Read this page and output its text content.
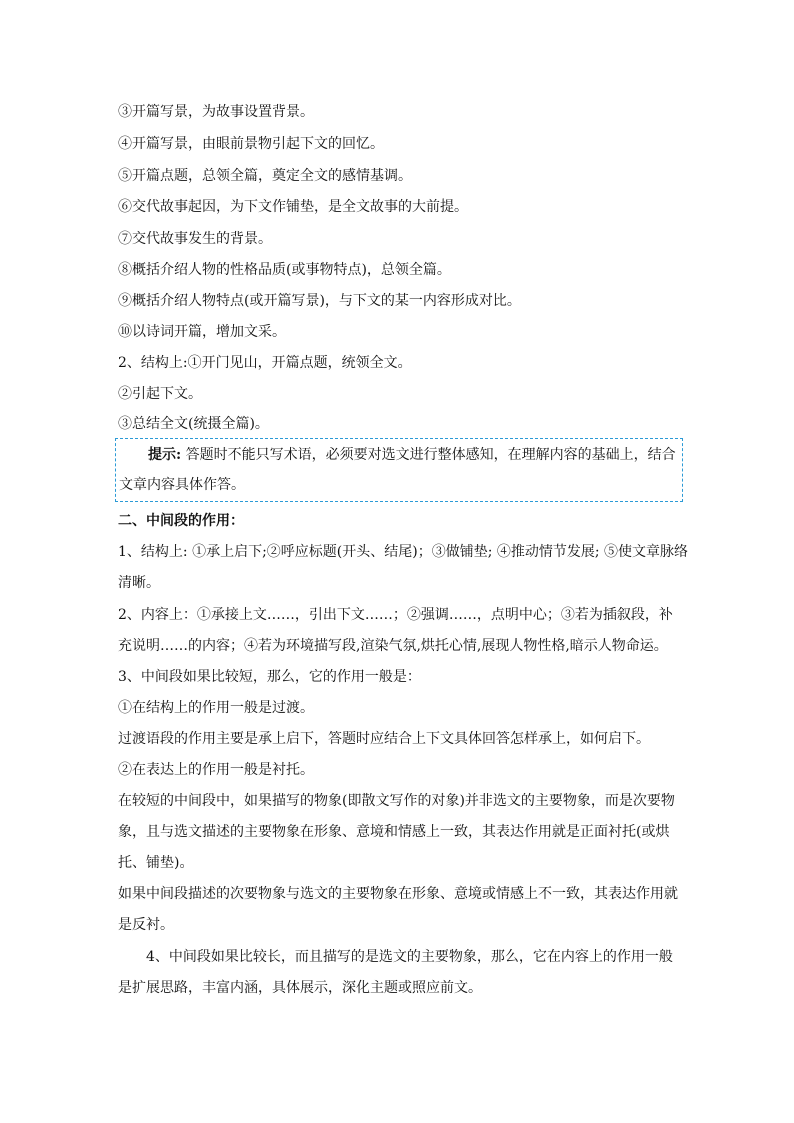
③开篇写景，为故事设置背景。
④开篇写景，由眼前景物引起下文的回忆。
⑤开篇点题，总领全篇，奠定全文的感情基调。
⑥交代故事起因，为下文作铺垫，是全文故事的大前提。
⑦交代故事发生的背景。
⑧概括介绍人物的性格品质(或事物特点)，总领全篇。
⑨概括介绍人物特点(或开篇写景)，与下文的某一内容形成对比。
⑩以诗词开篇，增加文采。
2、结构上:①开门见山，开篇点题，统领全文。
②引起下文。
③总结全文(统摄全篇)。
提示: 答题时不能只写术语，必须要对选文进行整体感知，在理解内容的基础上，结合
文章内容具体作答。
二、中间段的作用：
1、结构上: ①承上启下;②呼应标题(开头、结尾)；③做铺垫; ④推动情节发展; ⑤使文章脉络
清晰。
2、内容上：①承接上文……，引出下文……；②强调……，点明中心；③若为插叙段，补
充说明……的内容；④若为环境描写段,渲染气氛,烘托心情,展现人物性格,暗示人物命运。
3、中间段如果比较短，那么，它的作用一般是：
①在结构上的作用一般是过渡。
过渡语段的作用主要是承上启下，答题时应结合上下文具体回答怎样承上，如何启下。
②在表达上的作用一般是衬托。
在较短的中间段中，如果描写的物象(即散文写作的对象)并非选文的主要物象，而是次要物
象，且与选文描述的主要物象在形象、意境和情感上一致，其表达作用就是正面衬托(或烘
托、铺垫)。
如果中间段描述的次要物象与选文的主要物象在形象、意境或情感上不一致，其表达作用就
是反衬。
4、中间段如果比较长，而且描写的是选文的主要物象，那么，它在内容上的作用一般
是扩展思路，丰富内涵，具体展示，深化主题或照应前文。
